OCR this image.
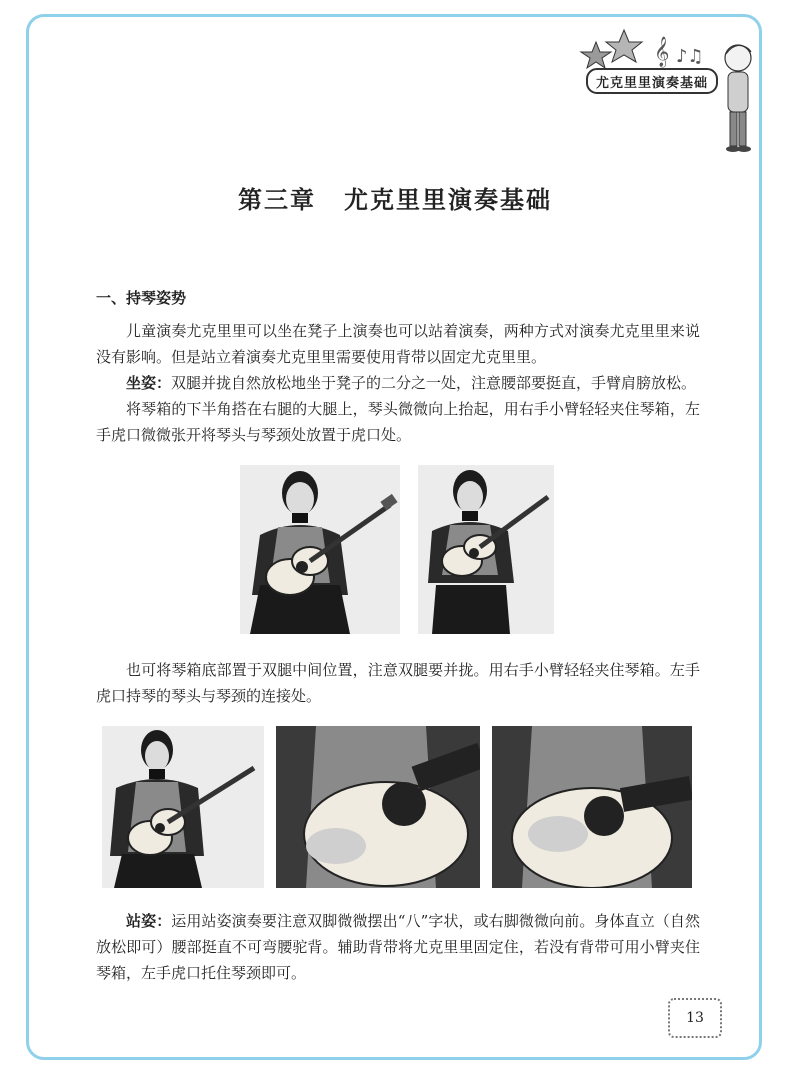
𝄞 ♪♫
尤克里里演奏基础
第三章 尤克里里演奏基础
一、持琴姿势
儿童演奏尤克里里可以坐在凳子上演奏也可以站着演奏，两种方式对演奏尤克里里来说没有影响。但是站立着演奏尤克里里需要使用背带以固定尤克里里。
坐姿：双腿并拢自然放松地坐于凳子的二分之一处，注意腰部要挺直，手臂肩膀放松。
将琴箱的下半角搭在右腿的大腿上，琴头微微向上抬起，用右手小臂轻轻夹住琴箱，左手虎口微微张开将琴头与琴颈处放置于虎口处。
也可将琴箱底部置于双腿中间位置，注意双腿要并拢。用右手小臂轻轻夹住琴箱。左手虎口持琴的琴头与琴颈的连接处。
站姿：运用站姿演奏要注意双脚微微摆出“八”字状，或右脚微微向前。身体直立（自然放松即可）腰部挺直不可弯腰驼背。辅助背带将尤克里里固定住，若没有背带可用小臂夹住琴箱，左手虎口托住琴颈即可。
13
